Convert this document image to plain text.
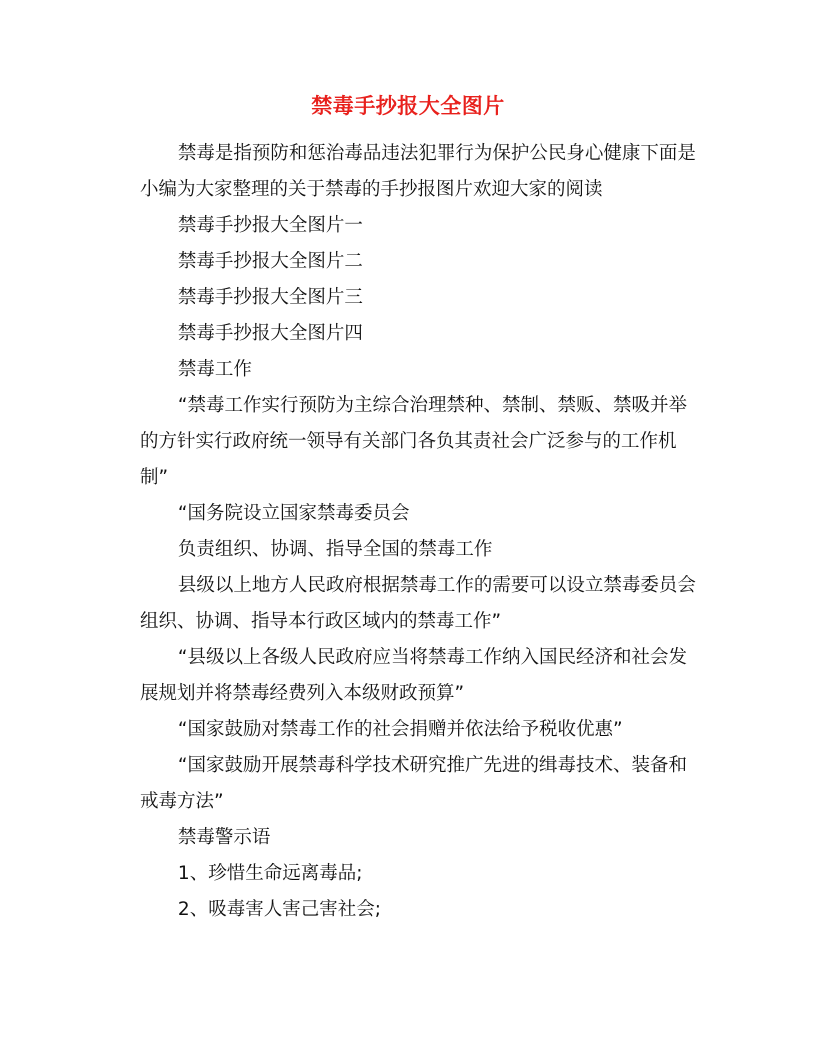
禁毒手抄报大全图片

禁毒是指预防和惩治毒品违法犯罪行为保护公民身心健康下面是小编为大家整理的关于禁毒的手抄报图片欢迎大家的阅读

禁毒手抄报大全图片一

禁毒手抄报大全图片二

禁毒手抄报大全图片三

禁毒手抄报大全图片四

禁毒工作

“禁毒工作实行预防为主综合治理禁种、禁制、禁贩、禁吸并举的方针实行政府统一领导有关部门各负其责社会广泛参与的工作机制”

“国务院设立国家禁毒委员会

负责组织、协调、指导全国的禁毒工作

县级以上地方人民政府根据禁毒工作的需要可以设立禁毒委员会组织、协调、指导本行政区域内的禁毒工作”

“县级以上各级人民政府应当将禁毒工作纳入国民经济和社会发展规划并将禁毒经费列入本级财政预算”

“国家鼓励对禁毒工作的社会捐赠并依法给予税收优惠”

“国家鼓励开展禁毒科学技术研究推广先进的缉毒技术、装备和戒毒方法”

禁毒警示语

1、珍惜生命远离毒品;

2、吸毒害人害己害社会;
